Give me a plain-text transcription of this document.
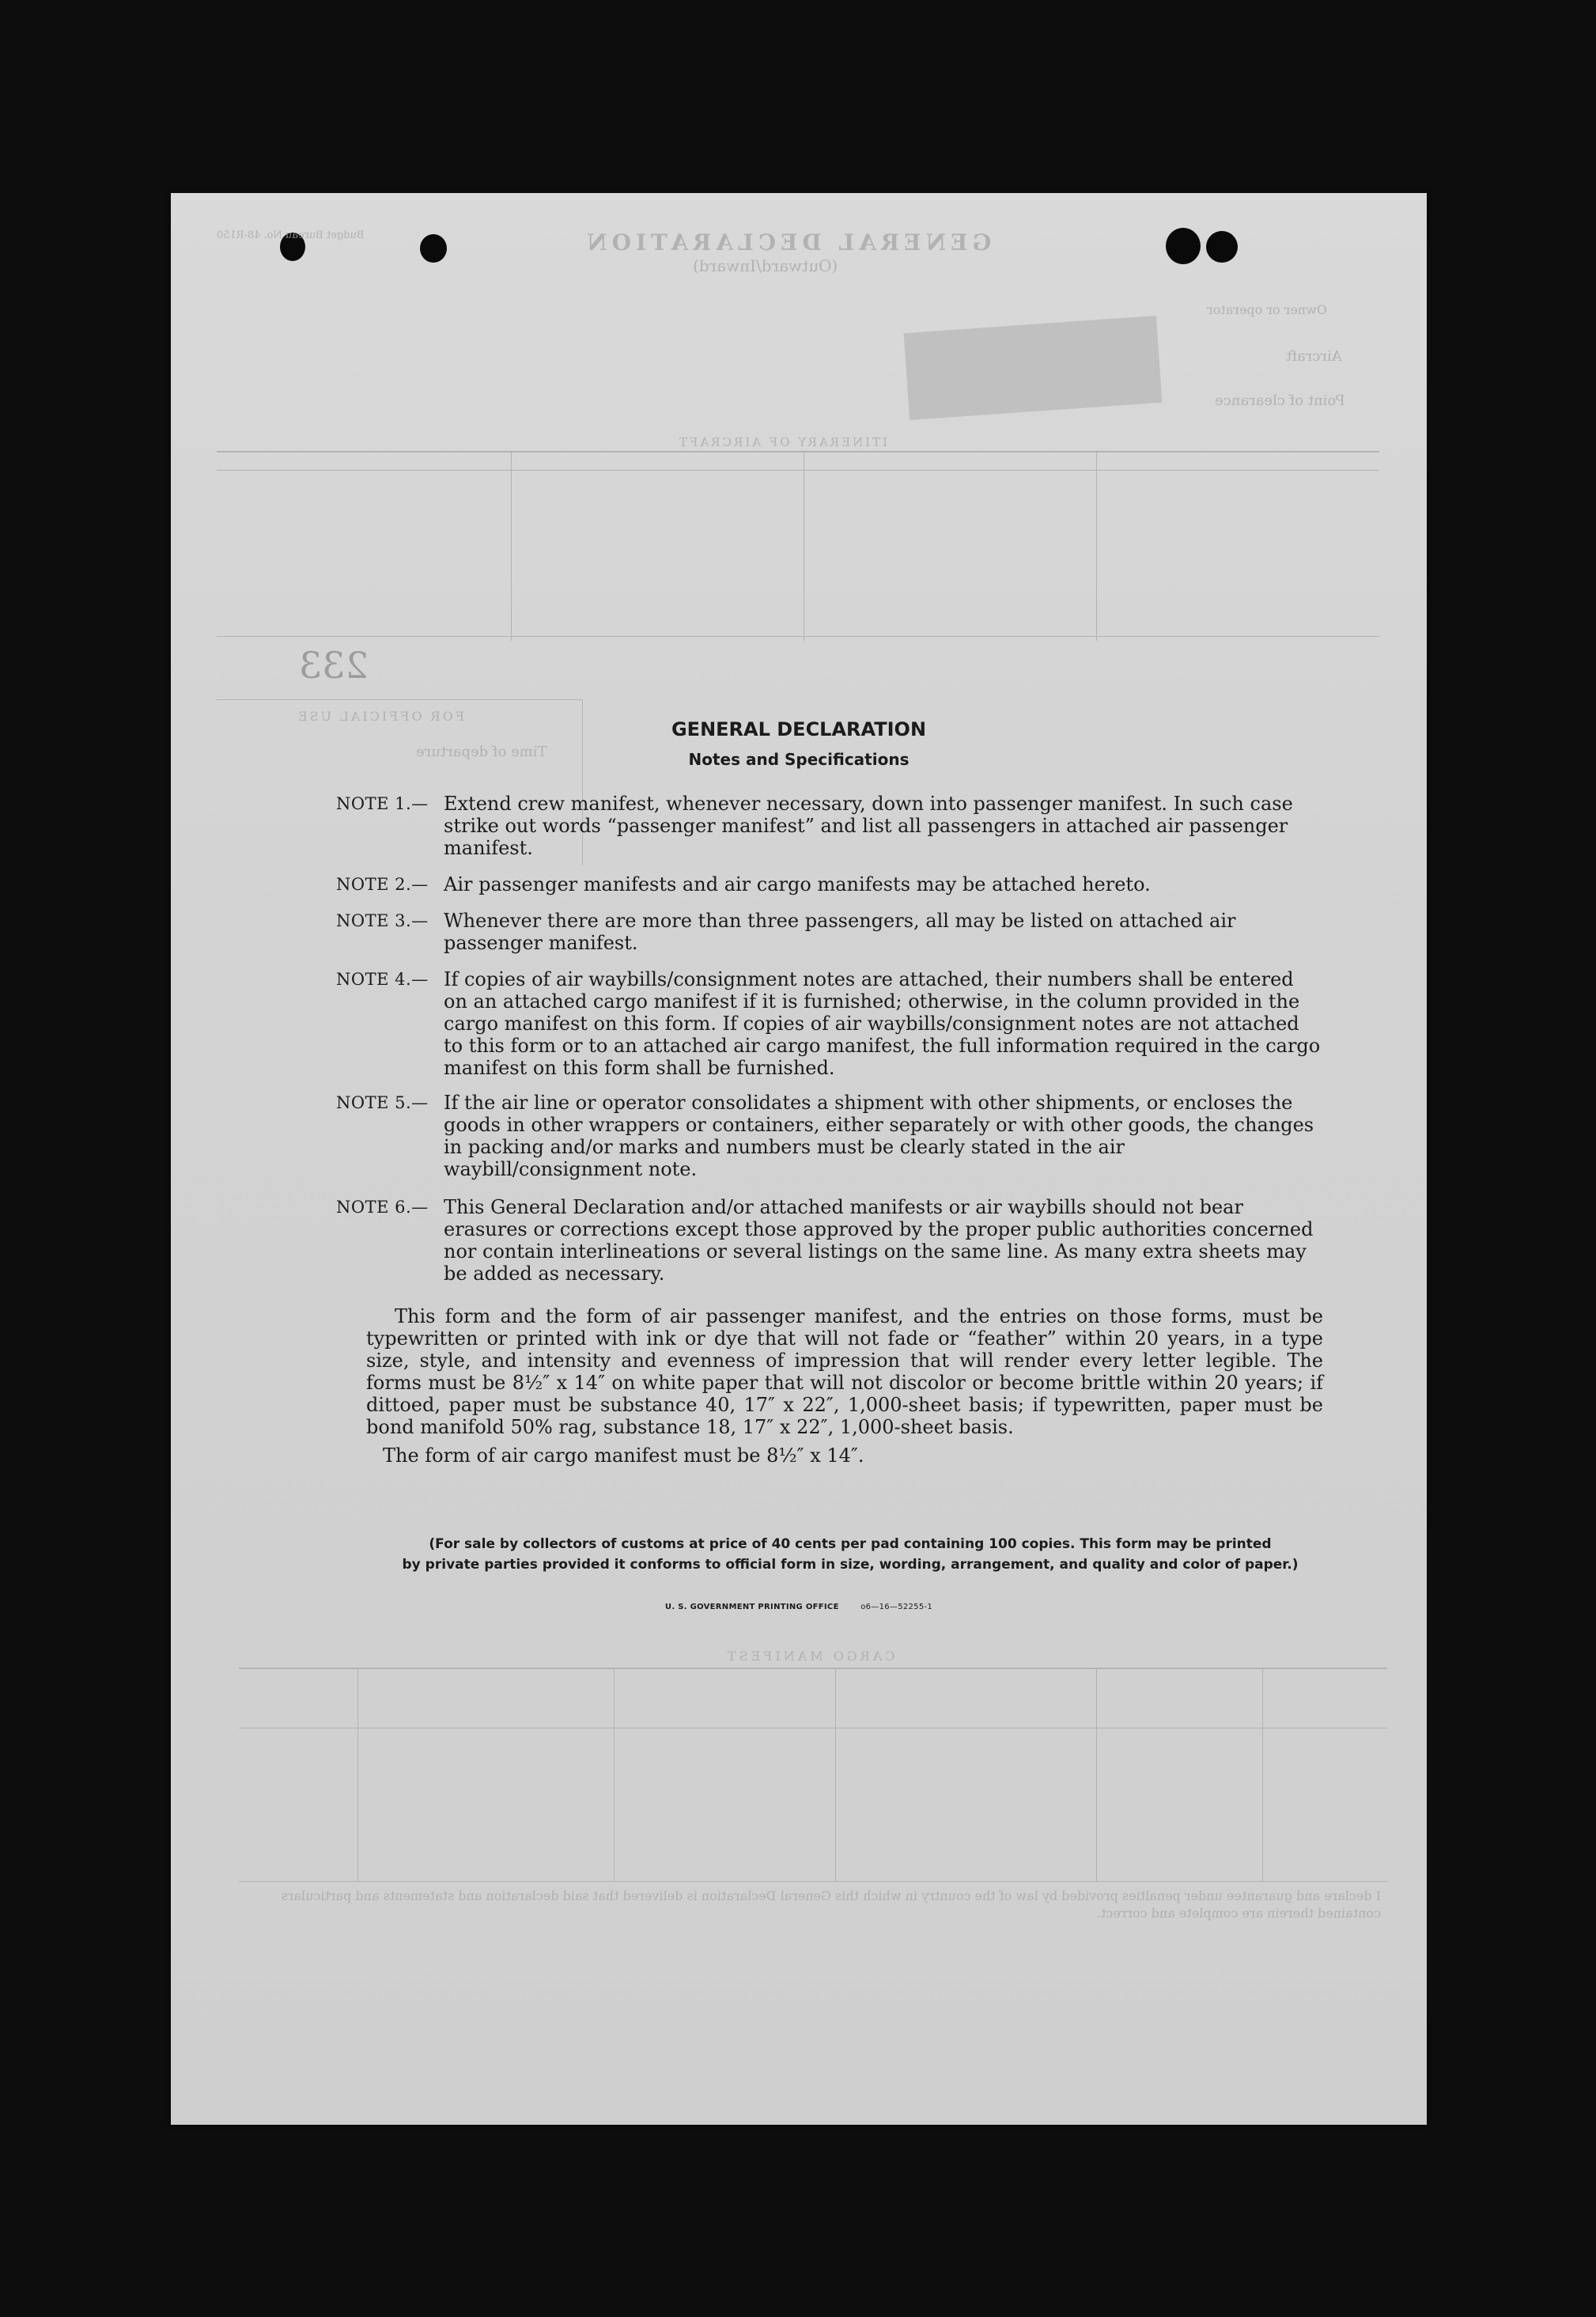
GENERAL DECLARATION
(Outward/Inward)
Budget Bureau No. 48-R150
Owner or operator
Aircraft
Point of clearance
ITINERARY OF AIRCRAFT
233
FOR OFFICIAL USE
Time of departure
CARGO MANIFEST
I declare and guarantee under penalties provided by law of the country in which this General Declaration is delivered that said declaration and statements and particulars contained therein are complete and correct.
GENERAL DECLARATION
Notes and Specifications
NOTE 1.— Extend crew manifest, whenever necessary, down into passenger manifest. In such case strike out words “passenger manifest” and list all passengers in attached air passenger manifest.
NOTE 2.— Air passenger manifests and air cargo manifests may be attached hereto.
NOTE 3.— Whenever there are more than three passengers, all may be listed on attached air passenger manifest.
NOTE 4.— If copies of air waybills/consignment notes are attached, their numbers shall be entered on an attached cargo manifest if it is furnished; otherwise, in the column provided in the cargo manifest on this form. If copies of air waybills/consignment notes are not attached to this form or to an attached air cargo manifest, the full information required in the cargo manifest on this form shall be furnished.
NOTE 5.— If the air line or operator consolidates a shipment with other shipments, or encloses the goods in other wrappers or containers, either separately or with other goods, the changes in packing and/or marks and numbers must be clearly stated in the air waybill/consignment note.
NOTE 6.— This General Declaration and/or attached manifests or air waybills should not bear erasures or corrections except those approved by the proper public authorities concerned nor contain interlineations or several listings on the same line. As many extra sheets may be added as necessary.
This form and the form of air passenger manifest, and the entries on those forms, must be typewritten or printed with ink or dye that will not fade or “feather” within 20 years, in a type size, style, and intensity and evenness of impression that will render every letter legible. The forms must be 8½″ x 14″ on white paper that will not discolor or become brittle within 20 years; if dittoed, paper must be substance 40, 17″ x 22″, 1,000-sheet basis; if typewritten, paper must be bond manifold 50% rag, substance 18, 17″ x 22″, 1,000-sheet basis.
The form of air cargo manifest must be 8½″ x 14″.
(For sale by collectors of customs at price of 40 cents per pad containing 100 copies. This form may be printed
by private parties provided it conforms to official form in size, wording, arrangement, and quality and color of paper.)
U. S. GOVERNMENT PRINTING OFFICE	o6—16—52255-1
